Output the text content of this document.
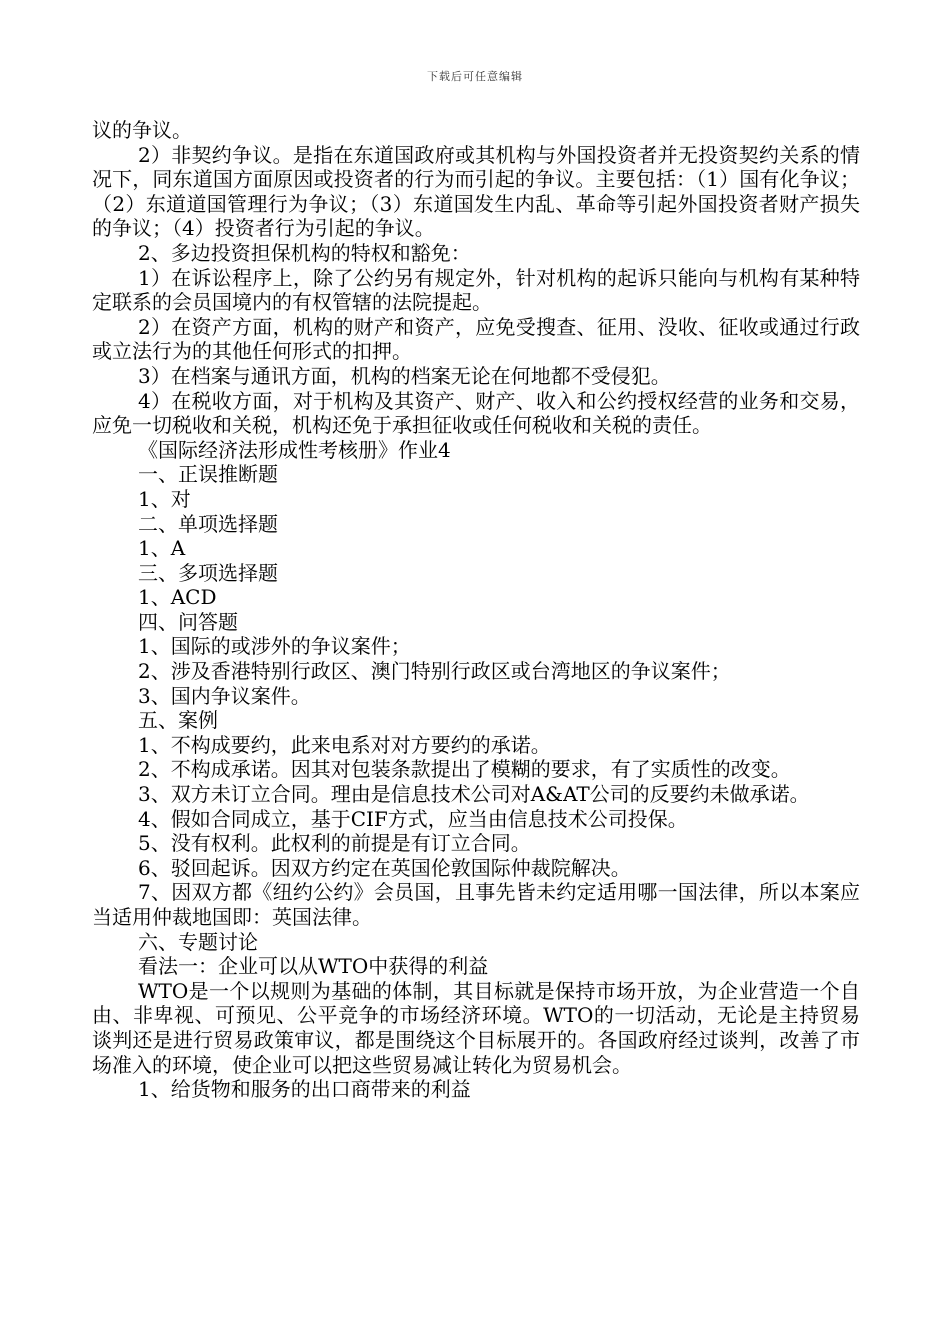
下载后可任意编辑

议的争议。

2）非契约争议。是指在东道国政府或其机构与外国投资者并无投资契约关系的情况下，同东道国方面原因或投资者的行为而引起的争议。主要包括：（1）国有化争议；（2）东道道国管理行为争议；（3）东道国发生内乱、革命等引起外国投资者财产损失的争议；（4）投资者行为引起的争议。

2、多边投资担保机构的特权和豁免：

1）在诉讼程序上，除了公约另有规定外，针对机构的起诉只能向与机构有某种特定联系的会员国境内的有权管辖的法院提起。

2）在资产方面，机构的财产和资产，应免受搜查、征用、没收、征收或通过行政或立法行为的其他任何形式的扣押。

3）在档案与通讯方面，机构的档案无论在何地都不受侵犯。

4）在税收方面，对于机构及其资产、财产、收入和公约授权经营的业务和交易，应免一切税收和关税，机构还免于承担征收或任何税收和关税的责任。

《国际经济法形成性考核册》作业4

一、正误推断题

1、对

二、单项选择题

1、A

三、多项选择题

1、ACD

四、问答题

1、国际的或涉外的争议案件；

2、涉及香港特别行政区、澳门特别行政区或台湾地区的争议案件；

3、国内争议案件。

五、案例

1、不构成要约，此来电系对对方要约的承诺。

2、不构成承诺。因其对包装条款提出了模糊的要求，有了实质性的改变。

3、双方未订立合同。理由是信息技术公司对A&AT公司的反要约未做承诺。

4、假如合同成立，基于CIF方式，应当由信息技术公司投保。

5、没有权利。此权利的前提是有订立合同。

6、驳回起诉。因双方约定在英国伦敦国际仲裁院解决。

7、因双方都《纽约公约》会员国，且事先皆未约定适用哪一国法律，所以本案应当适用仲裁地国即：英国法律。

六、专题讨论

看法一：企业可以从WTO中获得的利益

WTO是一个以规则为基础的体制，其目标就是保持市场开放，为企业营造一个自由、非卑视、可预见、公平竞争的市场经济环境。WTO的一切活动，无论是主持贸易谈判还是进行贸易政策审议，都是围绕这个目标展开的。各国政府经过谈判，改善了市场准入的环境，使企业可以把这些贸易减让转化为贸易机会。

1、给货物和服务的出口商带来的利益
